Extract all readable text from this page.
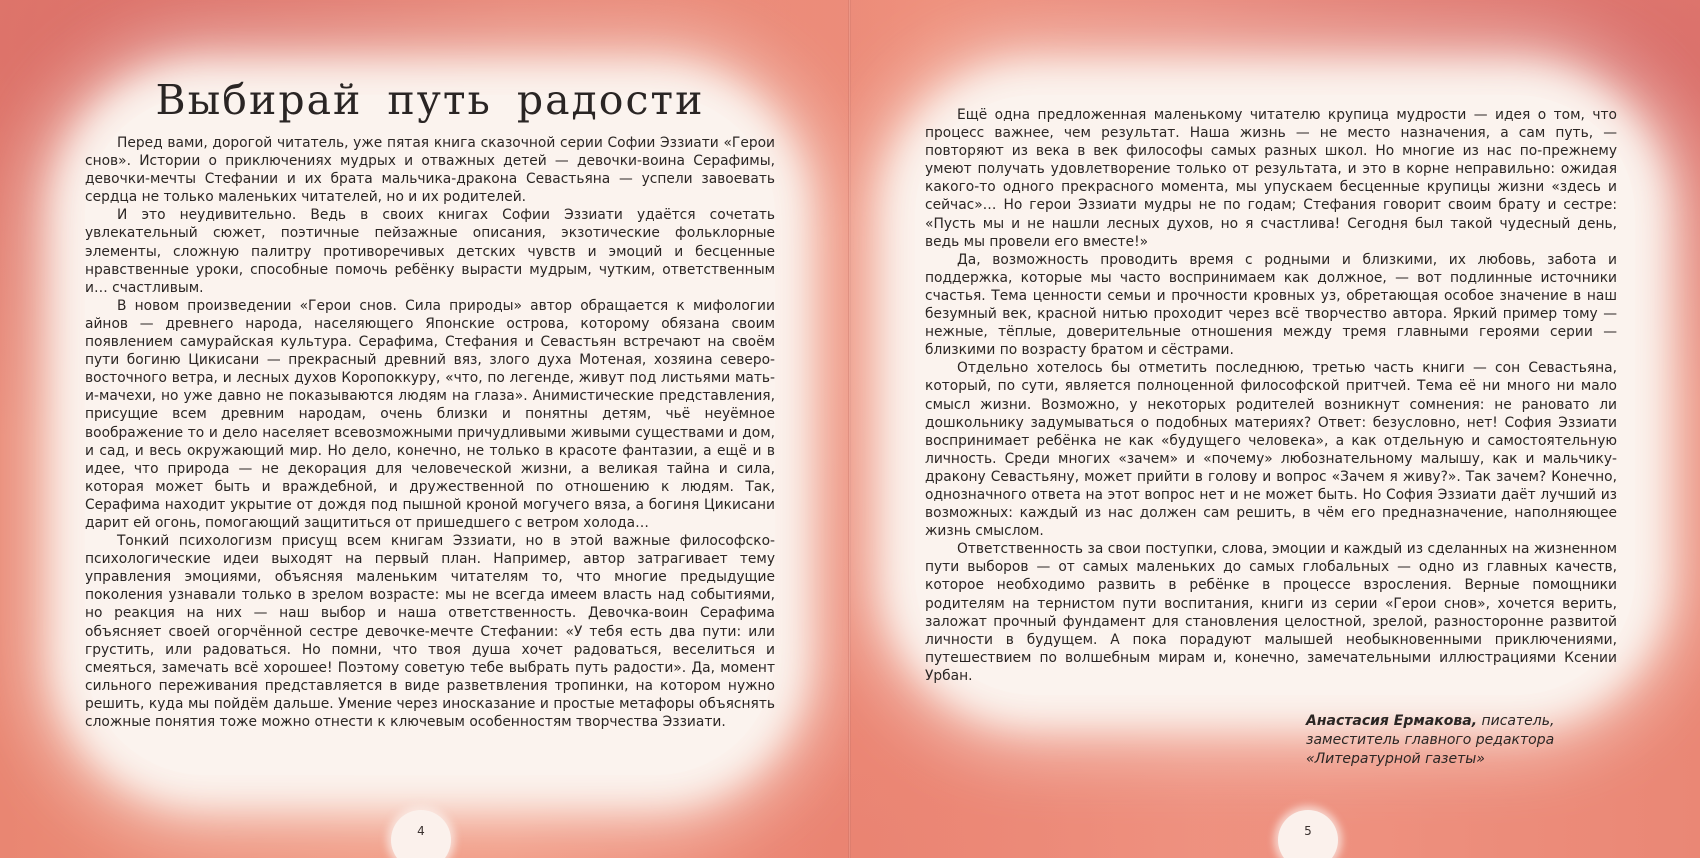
Выбирай путь радости

Перед вами, дорогой читатель, уже пятая книга сказочной серии Софии Эззиати «Герои снов». Истории о приключениях мудрых и отважных детей — девочки-воина Серафимы, девочки-мечты Стефании и их брата мальчика-дракона Севастьяна — успели завоевать сердца не только маленьких читателей, но и их родителей.

И это неудивительно. Ведь в своих книгах Софии Эззиати удаётся сочетать увлекательный сюжет, поэтичные пейзажные описания, экзотические фольклорные элементы, сложную палитру противоречивых детских чувств и эмоций и бесценные нравственные уроки, способные помочь ребёнку вырасти мудрым, чутким, ответственным и… счастливым.

В новом произведении «Герои снов. Сила природы» автор обращается к мифологии айнов — древнего народа, населяющего Японские острова, которому обязана своим появлением самурайская культура. Серафима, Стефания и Севастьян встречают на своём пути богиню Цикисани — прекрасный древний вяз, злого духа Мотеная, хозяина северо-восточного ветра, и лесных духов Коропоккуру, «что, по легенде, живут под листьями мать-и-мачехи, но уже давно не показываются людям на глаза». Анимистические представления, присущие всем древним народам, очень близки и понятны детям, чьё неуёмное воображение то и дело населяет всевозможными причудливыми живыми существами и дом, и сад, и весь окружающий мир. Но дело, конечно, не только в красоте фантазии, а ещё и в идее, что природа — не декорация для человеческой жизни, а великая тайна и сила, которая может быть и враждебной, и дружественной по отношению к людям. Так, Серафима находит укрытие от дождя под пышной кроной могучего вяза, а богиня Цикисани дарит ей огонь, помогающий защититься от пришедшего с ветром холода…

Тонкий психологизм присущ всем книгам Эззиати, но в этой важные философско-психологические идеи выходят на первый план. Например, автор затрагивает тему управления эмоциями, объясняя маленьким читателям то, что многие предыдущие поколения узнавали только в зрелом возрасте: мы не всегда имеем власть над событиями, но реакция на них — наш выбор и наша ответственность. Девочка-воин Серафима объясняет своей огорчённой сестре девочке-мечте Стефании: «У тебя есть два пути: или грустить, или радоваться. Но помни, что твоя душа хочет радоваться, веселиться и смеяться, замечать всё хорошее! Поэтому советую тебе выбрать путь радости». Да, момент сильного переживания представляется в виде разветвления тропинки, на котором нужно решить, куда мы пойдём дальше. Умение через иносказание и простые метафоры объяснять сложные понятия тоже можно отнести к ключевым особенностям творчества Эззиати.

4

Ещё одна предложенная маленькому читателю крупица мудрости — идея о том, что процесс важнее, чем результат. Наша жизнь — не место назначения, а сам путь, — повторяют из века в век философы самых разных школ. Но многие из нас по-прежнему умеют получать удовлетворение только от результата, и это в корне неправильно: ожидая какого-то одного прекрасного момента, мы упускаем бесценные крупицы жизни «здесь и сейчас»… Но герои Эззиати мудры не по годам; Стефания говорит своим брату и сестре: «Пусть мы и не нашли лесных духов, но я счастлива! Сегодня был такой чудесный день, ведь мы провели его вместе!»

Да, возможность проводить время с родными и близкими, их любовь, забота и поддержка, которые мы часто воспринимаем как должное, — вот подлинные источники счастья. Тема ценности семьи и прочности кровных уз, обретающая особое значение в наш безумный век, красной нитью проходит через всё творчество автора. Яркий пример тому — нежные, тёплые, доверительные отношения между тремя главными героями серии — близкими по возрасту братом и сёстрами.

Отдельно хотелось бы отметить последнюю, третью часть книги — сон Севастьяна, который, по сути, является полноценной философской притчей. Тема её ни много ни мало смысл жизни. Возможно, у некоторых родителей возникнут сомнения: не рановато ли дошкольнику задумываться о подобных материях? Ответ: безусловно, нет! София Эззиати воспринимает ребёнка не как «будущего человека», а как отдельную и самостоятельную личность. Среди многих «зачем» и «почему» любознательному малышу, как и мальчику-дракону Севастьяну, может прийти в голову и вопрос «Зачем я живу?». Так зачем? Конечно, однозначного ответа на этот вопрос нет и не может быть. Но София Эззиати даёт лучший из возможных: каждый из нас должен сам решить, в чём его предназначение, наполняющее жизнь смыслом.

Ответственность за свои поступки, слова, эмоции и каждый из сделанных на жизненном пути выборов — от самых маленьких до самых глобальных — одно из главных качеств, которое необходимо развить в ребёнке в процессе взросления. Верные помощники родителям на тернистом пути воспитания, книги из серии «Герои снов», хочется верить, заложат прочный фундамент для становления целостной, зрелой, разносторонне развитой личности в будущем. А пока порадуют малышей необыкновенными приключениями, путешествием по волшебным мирам и, конечно, замечательными иллюстрациями Ксении Урбан.

Анастасия Ермакова, писатель,
заместитель главного редактора
«Литературной газеты»
5
